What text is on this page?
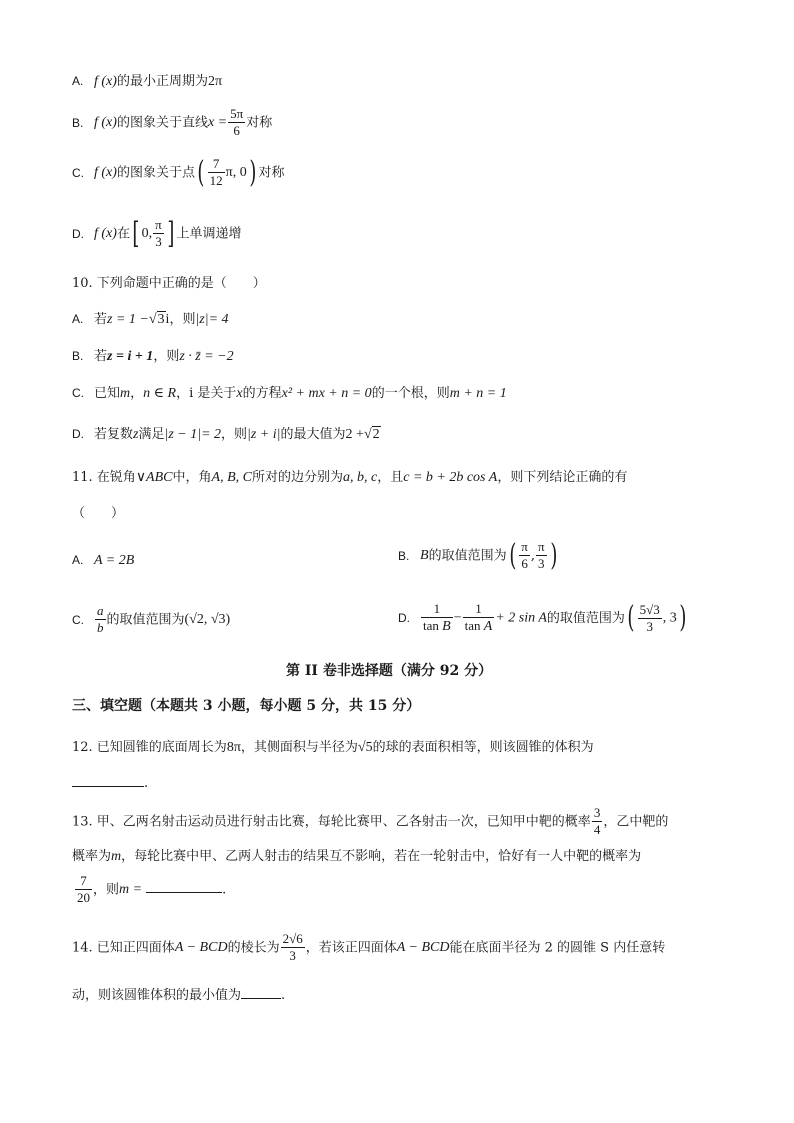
A. f (x)的最小正周期为2π
B. f (x)的图象关于直线$x = \frac{5\pi}{6}$ 对称
C. f (x)的图象关于点( $\frac{7}{12} \pi$, 0) 对称
D. f (x)在[ 0, $\frac{\pi}{3}$ ] 上单调递增
10. 下列命题中正确的是（　　）
A. 若z = 1 −√3i，则|z|= 4
B. 若z = i + 1，则z · z̄ = −2
C. 已知m，n ∈ R，i 是关于x的方程x² + mx + n = 0的一个根，则m + n = 1
D. 若复数z满足|z − 1|= 2，则|z + i|的最大值为2 +√2
11. 在锐角∨ABC中，角A, B, C所对的边分别为a, b, c，且c = b + 2b cos A，则下列结论正确的有
（　　）
A. A = 2B	B. B的取值范围为( $\frac{\pi}{6}$ , $\frac{\pi}{3}$ )
C. $\frac{a}{b}$ 的取值范围为(√2, √3)	D. $\frac{1}{\text{tan B}} - \frac{1}{\text{tan A}} + 2$ sin A的取值范围为( $\frac{5√3}{3}$ , 3)
第 II 卷非选择题（满分 92 分）
三、填空题（本题共 3 小题，每小题 5 分，共 15 分）
12. 已知圆锥的底面周长为8π，其侧面积与半径为√5的球的表面积相等，则该圆锥的体积为
.
13. 甲、乙两名射击运动员进行射击比赛，每轮比赛甲、乙各射击一次，已知甲中靶的概率 $\frac{3}{4}$ ，乙中靶的
概率为m，每轮比赛中甲、乙两人射击的结果互不影响，若在一轮射击中，恰好有一人中靶的概率为
$\frac{7}{20}$ ，则m =	.
14. 已知正四面体A − BCD的棱长为 $\frac{2√6}{3}$ ，若该正四面体A − BCD能在底面半径为 2 的圆锥 S 内任意转
动，则该圆锥体积的最小值为	.
